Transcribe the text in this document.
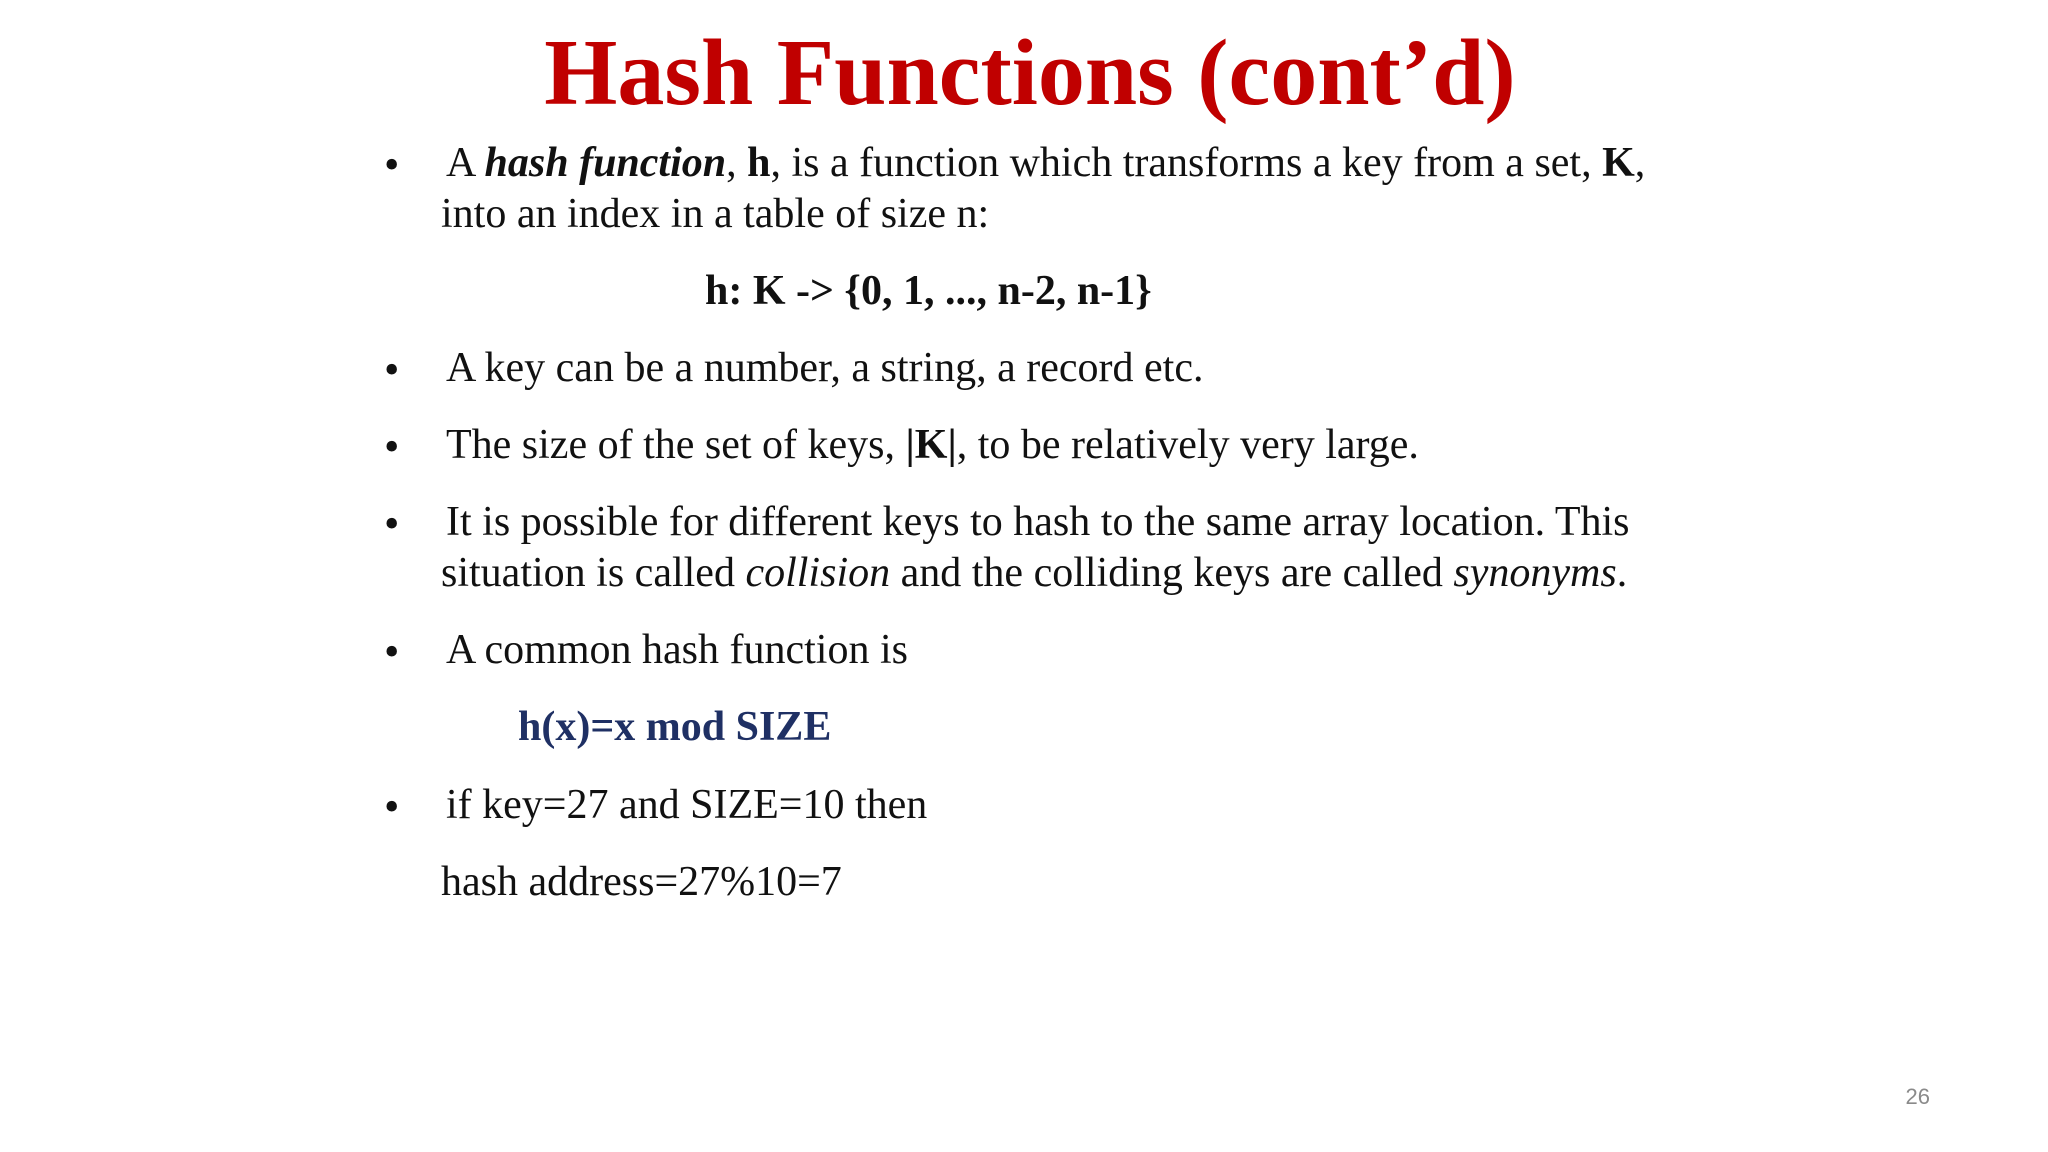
Hash Functions (cont’d)
• A hash function, h, is a function which transforms a key from a set, K,
into an index in a table of size n:
h: K -> {0, 1, ..., n-2, n-1}
• A key can be a number, a string, a record etc.
• The size of the set of keys, |K|, to be relatively very large.
• It is possible for different keys to hash to the same array location. This
situation is called collision and the colliding keys are called synonyms.
• A common hash function is
h(x)=x mod SIZE
• if key=27 and SIZE=10 then
hash address=27%10=7
26
